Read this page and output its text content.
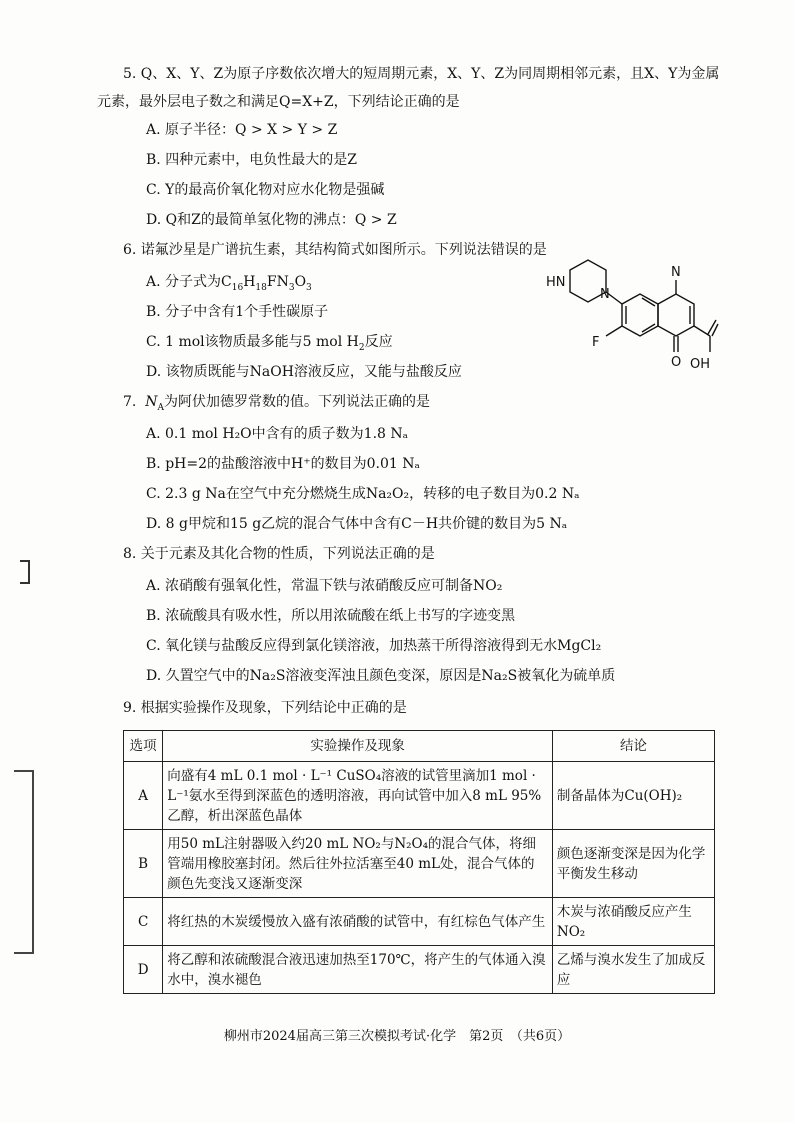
5. Q、X、Y、Z为原子序数依次增大的短周期元素，X、Y、Z为同周期相邻元素，且X、Y为金属
元素，最外层电子数之和满足Q=X+Z，下列结论正确的是
A. 原子半径：Q > X > Y > Z
B. 四种元素中，电负性最大的是Z
C. Y的最高价氧化物对应水化物是强碱
D. Q和Z的最简单氢化物的沸点：Q > Z
6. 诺氟沙星是广谱抗生素，其结构简式如图所示。下列说法错误的是
A. 分子式为$C_{16}H_{18}FN_3O_3$
B. 分子中含有1个手性碳原子
C. 1 mol该物质最多能与5 mol $H_2$反应
D. 该物质既能与NaOH溶液反应，又能与盐酸反应
HN
N
N
F
O OH
7.  $N_A$为阿伏加德罗常数的值。下列说法正确的是
A. 0.1 mol H₂O中含有的质子数为1.8 Nₐ
B. pH=2的盐酸溶液中H⁺的数目为0.01 Nₐ
C. 2.3 g Na在空气中充分燃烧生成Na₂O₂，转移的电子数目为0.2 Nₐ
D. 8 g甲烷和15 g乙烷的混合气体中含有C－H共价键的数目为5 Nₐ
8. 关于元素及其化合物的性质，下列说法正确的是
A. 浓硝酸有强氧化性，常温下铁与浓硝酸反应可制备NO₂
B. 浓硫酸具有吸水性，所以用浓硫酸在纸上书写的字迹变黑
C. 氧化镁与盐酸反应得到氯化镁溶液，加热蒸干所得溶液得到无水MgCl₂
D. 久置空气中的Na₂S溶液变浑浊且颜色变深，原因是Na₂S被氧化为硫单质
9. 根据实验操作及现象，下列结论中正确的是
选项	实验操作及现象	结论
A	向盛有4 mL 0.1 mol · L⁻¹ CuSO₄溶液的试管里滴加1 mol · L⁻¹氨水至得到深蓝色的透明溶液，再向试管中加入8 mL 95%乙醇，析出深蓝色晶体	制备晶体为Cu(OH)₂
B	用50 mL注射器吸入约20 mL NO₂与N₂O₄的混合气体，将细管端用橡胶塞封闭。然后往外拉活塞至40 mL处，混合气体的颜色先变浅又逐渐变深	颜色逐渐变深是因为化学平衡发生移动
C	将红热的木炭缓慢放入盛有浓硝酸的试管中，有红棕色气体产生	木炭与浓硝酸反应产生NO₂
D	将乙醇和浓硫酸混合液迅速加热至170℃，将产生的气体通入溴水中，溴水褪色	乙烯与溴水发生了加成反应
柳州市2024届高三第三次模拟考试·化学　第2页　（共6页）
